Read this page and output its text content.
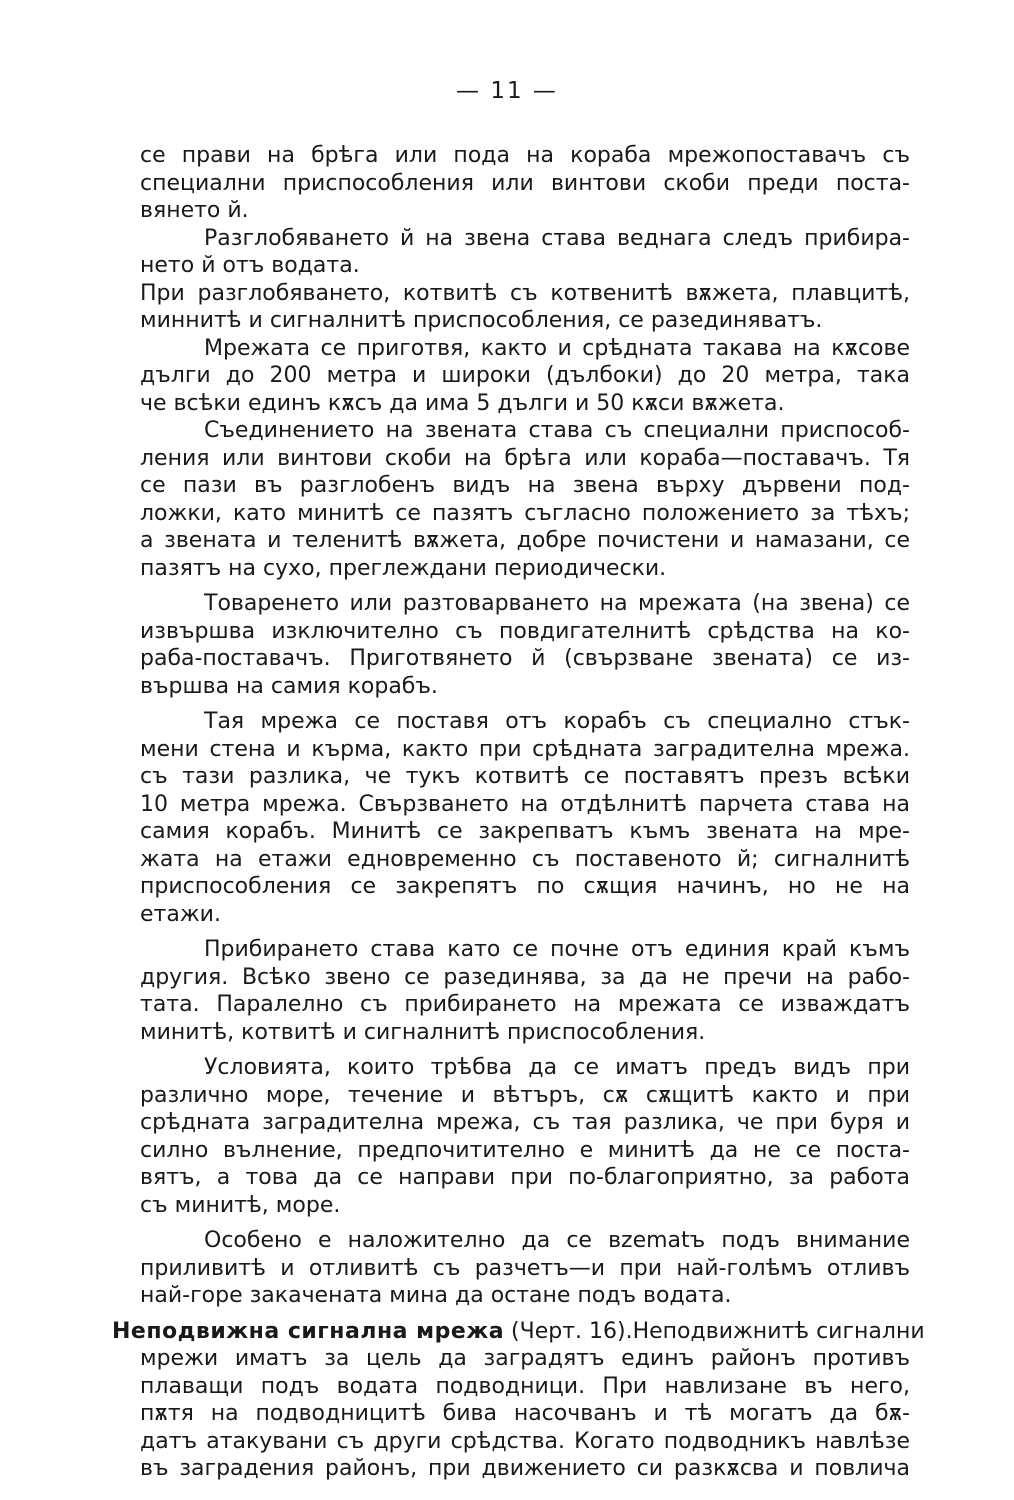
— 11 —
се прави на брѣга или пода на кораба мрежопоставачъ съ
специални приспособления или винтови скоби преди поста-
вянето й.
Разглобяването й на звена става веднага следъ прибира-
нето й отъ водата.
При разглобяването, котвитѣ съ котвенитѣ вѫжета, плавцитѣ,
миннитѣ и сигналнитѣ приспособления, се разединяватъ.
Мрежата се приготвя, както и срѣдната такава на кѫсове
дълги до 200 метра и широки (дълбоки) до 20 метра, така
че всѣки единъ кѫсъ да има 5 дълги и 50 кѫси вѫжета.
Съединението на звената става съ специални приспособ-
ления или винтови скоби на брѣга или кораба—поставачъ. Тя
се пази въ разглобенъ видъ на звена върху дървени под-
ложки, като минитѣ се пазятъ съгласно положението за тѣхъ;
а звената и теленитѣ вѫжета, добре почистени и намазани, се
пазятъ на сухо, преглеждани периодически.
Товаренето или разтоварването на мрежата (на звена) се
извършва изключително съ повдигателнитѣ срѣдства на ко-
раба-поставачъ. Приготвянето й (свързване звената) се из-
вършва на самия корабъ.
Тая мрежа се поставя отъ корабъ съ специално стък-
мени стена и кърма, както при срѣдната заградителна мрежа.
съ тази разлика, че тукъ котвитѣ се поставятъ презъ всѣки
10 метра мрежа. Свързването на отдѣлнитѣ парчета става на
самия корабъ. Минитѣ се закрепватъ къмъ звената на мре-
жата на етажи едновременно съ поставеното й; сигналнитѣ
приспособления се закрепятъ по сѫщия начинъ, но не на
етажи.
Прибирането става като се почне отъ единия край къмъ
другия. Всѣко звено се разединява, за да не пречи на рабо-
тата. Паралелно съ прибирането на мрежата се изваждатъ
минитѣ, котвитѣ и сигналнитѣ приспособления.
Условията, които трѣбва да се иматъ предъ видъ при
различно море, течение и вѣтъръ, сѫ сѫщитѣ както и при
срѣдната заградителна мрежа, съ тая разлика, че при буря и
силно вълнение, предпочитително е минитѣ да не се поста-
вятъ, а това да се направи при по-благоприятно, за работа
съ минитѣ, море.
Особено е наложително да се вzematъ подъ внимание
приливитѣ и отливитѣ съ разчетъ—и при най-голѣмъ отливъ
най-горе закачената мина да остане подъ водата.
Неподвижна сигнална мрежа (Черт. 16).Неподвижнитѣ сигнални
мрежи иматъ за цель да заградятъ единъ районъ противъ
плаващи подъ водата подводници. При навлизане въ него,
пѫтя на подводницитѣ бива насочванъ и тѣ могатъ да бѫ-
датъ атакувани съ други срѣдства. Когато подводникъ навлѣзе
въ заградения районъ, при движението си разкѫсва и повлича
